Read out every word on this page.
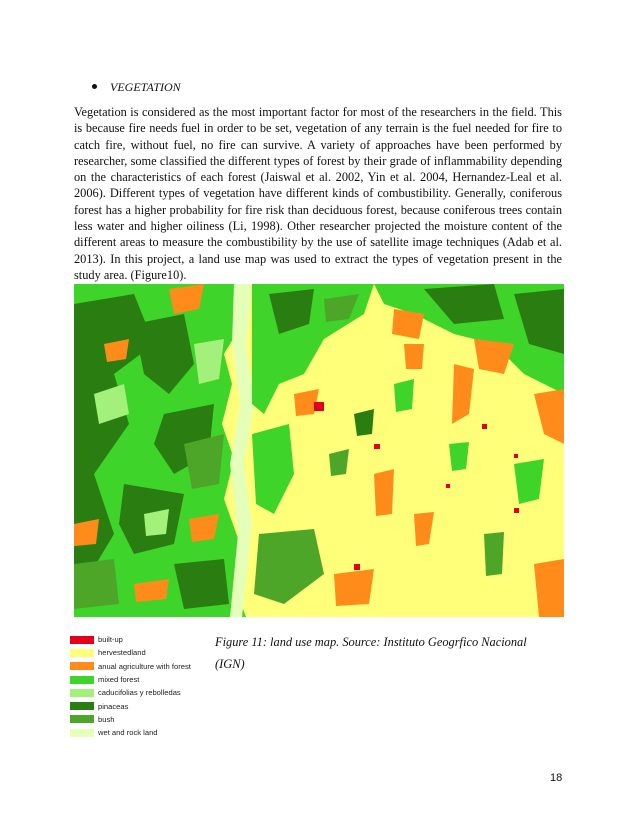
VEGETATION

Vegetation is considered as the most important factor for most of the researchers in the field. This is because fire needs fuel in order to be set, vegetation of any terrain is the fuel needed for fire to catch fire, without fuel, no fire can survive. A variety of approaches have been performed by researcher, some classified the different types of forest by their grade of inflammability depending on the characteristics of each forest (Jaiswal et al. 2002, Yin et al. 2004, Hernandez-Leal et al. 2006). Different types of vegetation have different kinds of combustibility. Generally, coniferous forest has a higher probability for fire risk than deciduous forest, because coniferous trees contain less water and higher oiliness (Li, 1998). Other researcher projected the moisture content of the different areas to measure the combustibility by the use of satellite image techniques (Adab et al. 2013). In this project, a land use map was used to extract the types of vegetation present in the study area. (Figure10).

built-up
hervestedland
anual agriculture with forest
mixed forest
caducifolias y rebolledas
pinaceas
bush
wet and rock land
Figure 11: land use map. Source: Instituto Geogrfico Nacional (IGN)
18
